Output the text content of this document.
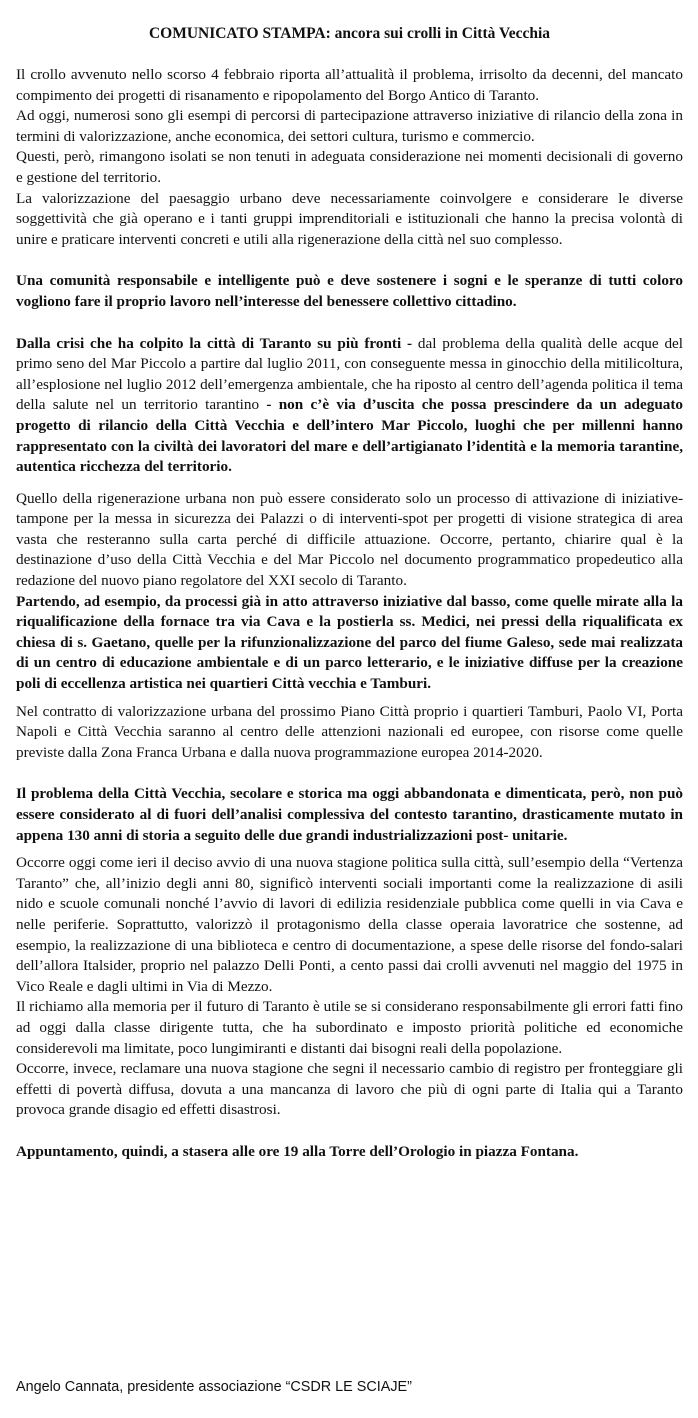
COMUNICATO STAMPA: ancora sui crolli in Città Vecchia

Il crollo avvenuto nello scorso 4 febbraio riporta all’attualità il problema, irrisolto da decenni, del mancato compimento dei progetti di risanamento e ripopolamento del Borgo Antico di Taranto.

Ad oggi, numerosi sono gli esempi di percorsi di partecipazione attraverso iniziative di rilancio della zona in termini di valorizzazione, anche economica, dei settori cultura, turismo e commercio.

Questi, però, rimangono isolati se non tenuti in adeguata considerazione nei momenti decisionali di governo e gestione del territorio.

La valorizzazione del paesaggio urbano deve necessariamente coinvolgere e considerare le diverse soggettività che già operano e i tanti gruppi imprenditoriali e istituzionali che hanno la precisa volontà di unire e praticare interventi concreti e utili alla rigenerazione della città nel suo complesso.

Una comunità responsabile e intelligente può e deve sostenere i sogni e le speranze di tutti coloro vogliono fare il proprio lavoro nell’interesse del benessere collettivo cittadino.

Dalla crisi che ha colpito la città di Taranto su più fronti - dal problema della qualità delle acque del primo seno del Mar Piccolo a partire dal luglio 2011, con conseguente messa in ginocchio della mitilicoltura, all’esplosione nel luglio 2012 dell’emergenza ambientale, che ha riposto al centro dell’agenda politica il tema della salute nel un territorio tarantino - non c’è via d’uscita che possa prescindere da un adeguato progetto di rilancio della Città Vecchia e dell’intero Mar Piccolo, luoghi che per millenni hanno rappresentato con la civiltà dei lavoratori del mare e dell’artigianato l’identità e la memoria tarantine, autentica ricchezza del territorio.

Quello della rigenerazione urbana non può essere considerato solo un processo di attivazione di iniziative-tampone per la messa in sicurezza dei Palazzi o di interventi-spot per progetti di visione strategica di area vasta che resteranno sulla carta perché di difficile attuazione. Occorre, pertanto, chiarire qual è la destinazione d’uso della Città Vecchia e del Mar Piccolo nel documento programmatico propedeutico alla redazione del nuovo piano regolatore del XXI secolo di Taranto.

Partendo, ad esempio, da processi già in atto attraverso iniziative dal basso, come quelle mirate alla la riqualificazione della fornace tra via Cava e la postierla ss. Medici, nei pressi della riqualificata ex chiesa di s. Gaetano, quelle per la rifunzionalizzazione del parco del fiume Galeso, sede mai realizzata di un centro di educazione ambientale e di un parco letterario, e le iniziative diffuse per la creazione poli di eccellenza artistica nei quartieri Città vecchia e Tamburi.

Nel contratto di valorizzazione urbana del prossimo Piano Città proprio i quartieri Tamburi, Paolo VI, Porta Napoli e Città Vecchia saranno al centro delle attenzioni nazionali ed europee, con risorse come quelle previste dalla Zona Franca Urbana e dalla nuova programmazione europea 2014-2020.

Il problema della Città Vecchia, secolare e storica ma oggi abbandonata e dimenticata, però, non può essere considerato al di fuori dell’analisi complessiva del contesto tarantino, drasticamente mutato in appena 130 anni di storia a seguito delle due grandi industrializzazioni post- unitarie.

Occorre oggi come ieri il deciso avvio di una nuova stagione politica sulla città, sull’esempio della “Vertenza Taranto” che, all’inizio degli anni 80, significò interventi sociali importanti come la realizzazione di asili nido e scuole comunali nonché l’avvio di lavori di edilizia residenziale pubblica come quelli in via Cava e nelle periferie. Soprattutto, valorizzò il protagonismo della classe operaia lavoratrice che sostenne, ad esempio, la realizzazione di una biblioteca e centro di documentazione, a spese delle risorse del fondo-salari dell’allora Italsider, proprio nel palazzo Delli Ponti, a cento passi dai crolli avvenuti nel maggio del 1975 in Vico Reale e dagli ultimi in Via di Mezzo.

Il richiamo alla memoria per il futuro di Taranto è utile se si considerano responsabilmente gli errori fatti fino ad oggi dalla classe dirigente tutta, che ha subordinato e imposto priorità politiche ed economiche considerevoli ma limitate, poco lungimiranti e distanti dai bisogni reali della popolazione.

Occorre, invece, reclamare una nuova stagione che segni il necessario cambio di registro per fronteggiare gli effetti di povertà diffusa, dovuta a una mancanza di lavoro che più di ogni parte di Italia qui a Taranto provoca grande disagio ed effetti disastrosi.

Appuntamento, quindi, a stasera alle ore 19 alla Torre dell’Orologio in piazza Fontana.

Angelo Cannata, presidente associazione “CSDR LE SCIAJE”
